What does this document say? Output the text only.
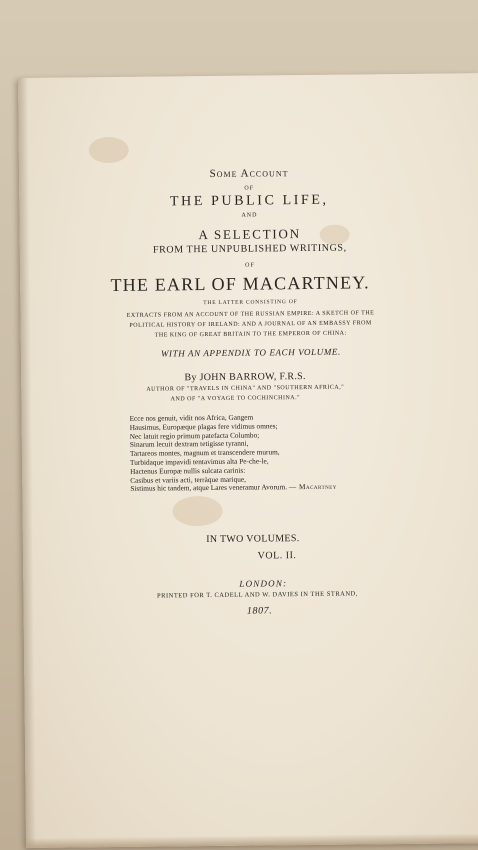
Some Account
OF
THE PUBLIC LIFE,
AND
A SELECTION
FROM THE UNPUBLISHED WRITINGS,
OF
THE EARL OF MACARTNEY.
THE LATTER CONSISTING OF
EXTRACTS FROM AN ACCOUNT OF THE RUSSIAN EMPIRE: A SKETCH OF THE
POLITICAL HISTORY OF IRELAND: AND A JOURNAL OF AN EMBASSY FROM
THE KING OF GREAT BRITAIN TO THE EMPEROR OF CHINA:
WITH AN APPENDIX TO EACH VOLUME.
By JOHN BARROW, F.R.S.
AUTHOR OF "TRAVELS IN CHINA" AND "SOUTHERN AFRICA,"
AND OF "A VOYAGE TO COCHINCHINA."
Ecce nos genuit, vidit nos Africa, Gangem
Hausimus, Europæque plagas fere vidimus omnes;
Nec latuit regio primum patefacta Columbo;
Sinarum lecuit dextram tetigisse tyranni,
Tartareos montes, magnum et transcendere murum,
Turbidaque impavidi tentavimus alta Pe-che-le,
Hactenus Europæ nullis sulcata carinis:
Casibus et variis acti, terràque marique,
Sistimus hic tandem, atque Lares veneramur Avorum. — Macartney
IN TWO VOLUMES.
VOL. II.
LONDON:
PRINTED FOR T. CADELL AND W. DAVIES IN THE STRAND,
1807.
